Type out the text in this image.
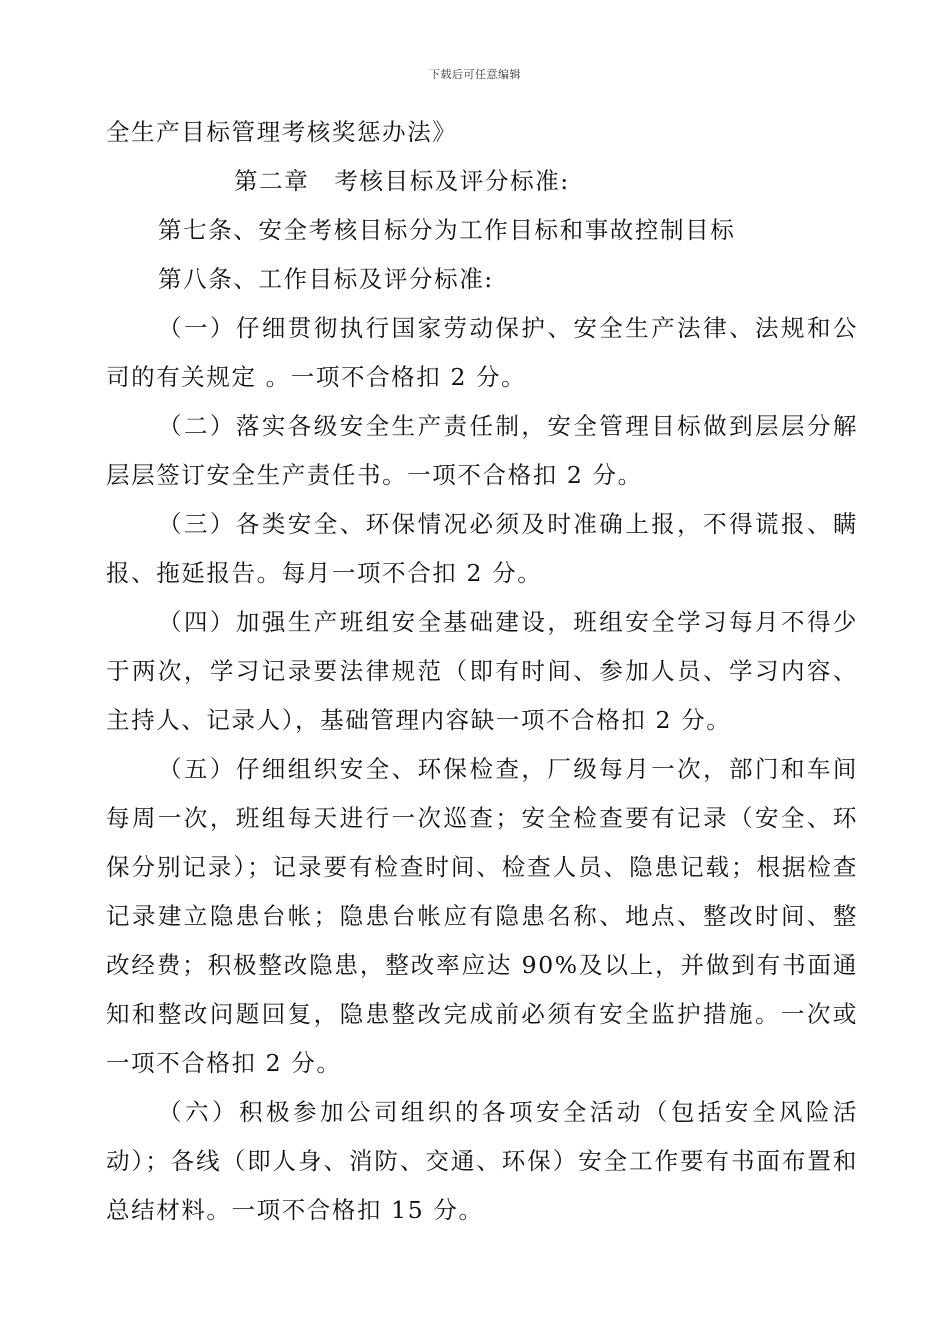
下载后可任意编辑

全生产目标管理考核奖惩办法》

第二章　考核目标及评分标准:

第七条、安全考核目标分为工作目标和事故控制目标

第八条、工作目标及评分标准:

（一）仔细贯彻执行国家劳动保护、安全生产法律、法规和公司的有关规定 。一项不合格扣 2 分。

（二）落实各级安全生产责任制，安全管理目标做到层层分解层层签订安全生产责任书。一项不合格扣 2 分。

（三）各类安全、环保情况必须及时准确上报，不得谎报、瞒报、拖延报告。每月一项不合扣 2 分。

（四）加强生产班组安全基础建设，班组安全学习每月不得少于两次，学习记录要法律规范（即有时间、参加人员、学习内容、主持人、记录人），基础管理内容缺一项不合格扣 2 分。

（五）仔细组织安全、环保检查，厂级每月一次，部门和车间每周一次，班组每天进行一次巡查；安全检查要有记录（安全、环保分别记录）；记录要有检查时间、检查人员、隐患记载；根据检查记录建立隐患台帐；隐患台帐应有隐患名称、地点、整改时间、整改经费；积极整改隐患，整改率应达 90%及以上，并做到有书面通知和整改问题回复，隐患整改完成前必须有安全监护措施。一次或一项不合格扣 2 分。

（六）积极参加公司组织的各项安全活动（包括安全风险活动）；各线（即人身、消防、交通、环保）安全工作要有书面布置和总结材料。一项不合格扣 15 分。
